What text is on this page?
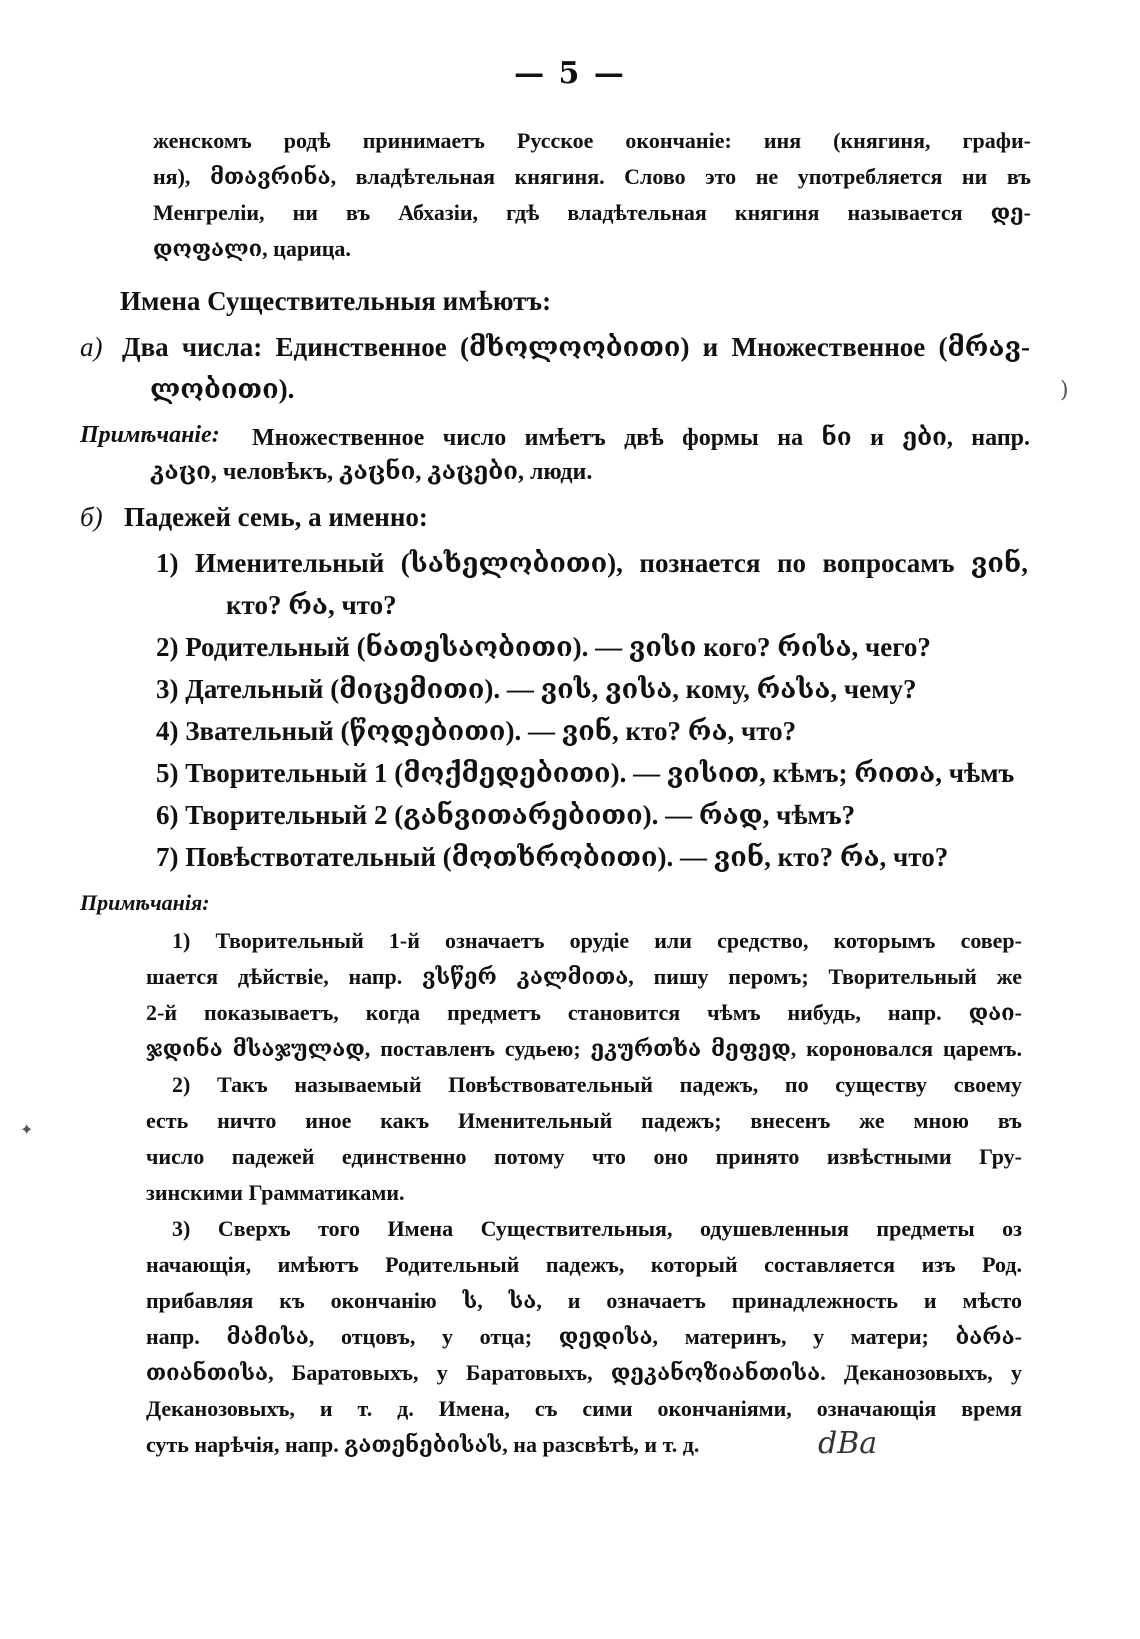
— 5 —
женскомъ родѣ принимаетъ Русское окончаніе: иня (княгиня, графи-
ня), მთავრინა, владѣтельная княгиня. Слово это не употребляется ни въ
Менгреліи, ни въ Абхазіи, гдѣ владѣтельная княгиня называется დე-
დოფალი, царица.
Имена Существительныя имѣютъ:
а) Два числа: Единственное (მხოლოობითი) и Множественное (მრავ-
ლობითი).
Примѣчаніе: Множественное число имѣетъ двѣ формы на ნი и ები, напр.
კაცი, человѣкъ, კაცნი, კაცები, люди.
б) Падежей семь, а именно:
1) Именительный (სახელობითი), познается по вопросамъ ვინ,
кто? რა, что?
2) Родительный (ნათესაობითი). — ვისი кого? რისა, чего?
3) Дательный (მიცემითი). — ვის, ვისა, кому, რასა, чему?
4) Звательный (წოდებითი). — ვინ, кто? რა, что?
5) Творительный 1 (მოქმედებითი). — ვისით, кѣмъ; რითა, чѣмъ
6) Творительный 2 (განვითარებითი). — რად, чѣмъ?
7) Повѣствотательный (მოთხრობითი). — ვინ, кто? რა, что?
Примѣчанія:
1) Творительный 1-й означаетъ орудіе или средство, которымъ совер-
шается дѣйствіе, напр. ვსწერ კალმითა, пишу перомъ; Творительный же
2-й показываетъ, когда предметъ становится чѣмъ нибудь, напр. დაი-
ჯდინა მსაჯულად, поставленъ судьею; ეკურთხა მეფედ, короновался царемъ.
2) Такъ называемый Повѣствовательный падежъ, по существу своему
есть ничто иное какъ Именительный падежъ; внесенъ же мною въ
число падежей единственно потому что оно принято извѣстными Гру-
зинскими Грамматиками.
3) Сверхъ того Имена Существительныя, одушевленныя предметы оз
начающія, имѣютъ Родительный падежъ, который составляется изъ Род.
прибавляя къ окончанію ს, სა, и означаетъ принадлежность и мѣсто
напр. მამისა, отцовъ, у отца; დედისა, материнъ, у матери; ბარა-
თიანთისა, Баратовыхъ, у Баратовыхъ, დეკანოზიანთისა. Деканозовыхъ, у
Деканозовыхъ, и т. д. Имена, съ сими окончаніями, означающія время
суть нарѣчія, напр. გათენებისას, на разсвѣтѣ, и т. д.	dBa
✦
)
